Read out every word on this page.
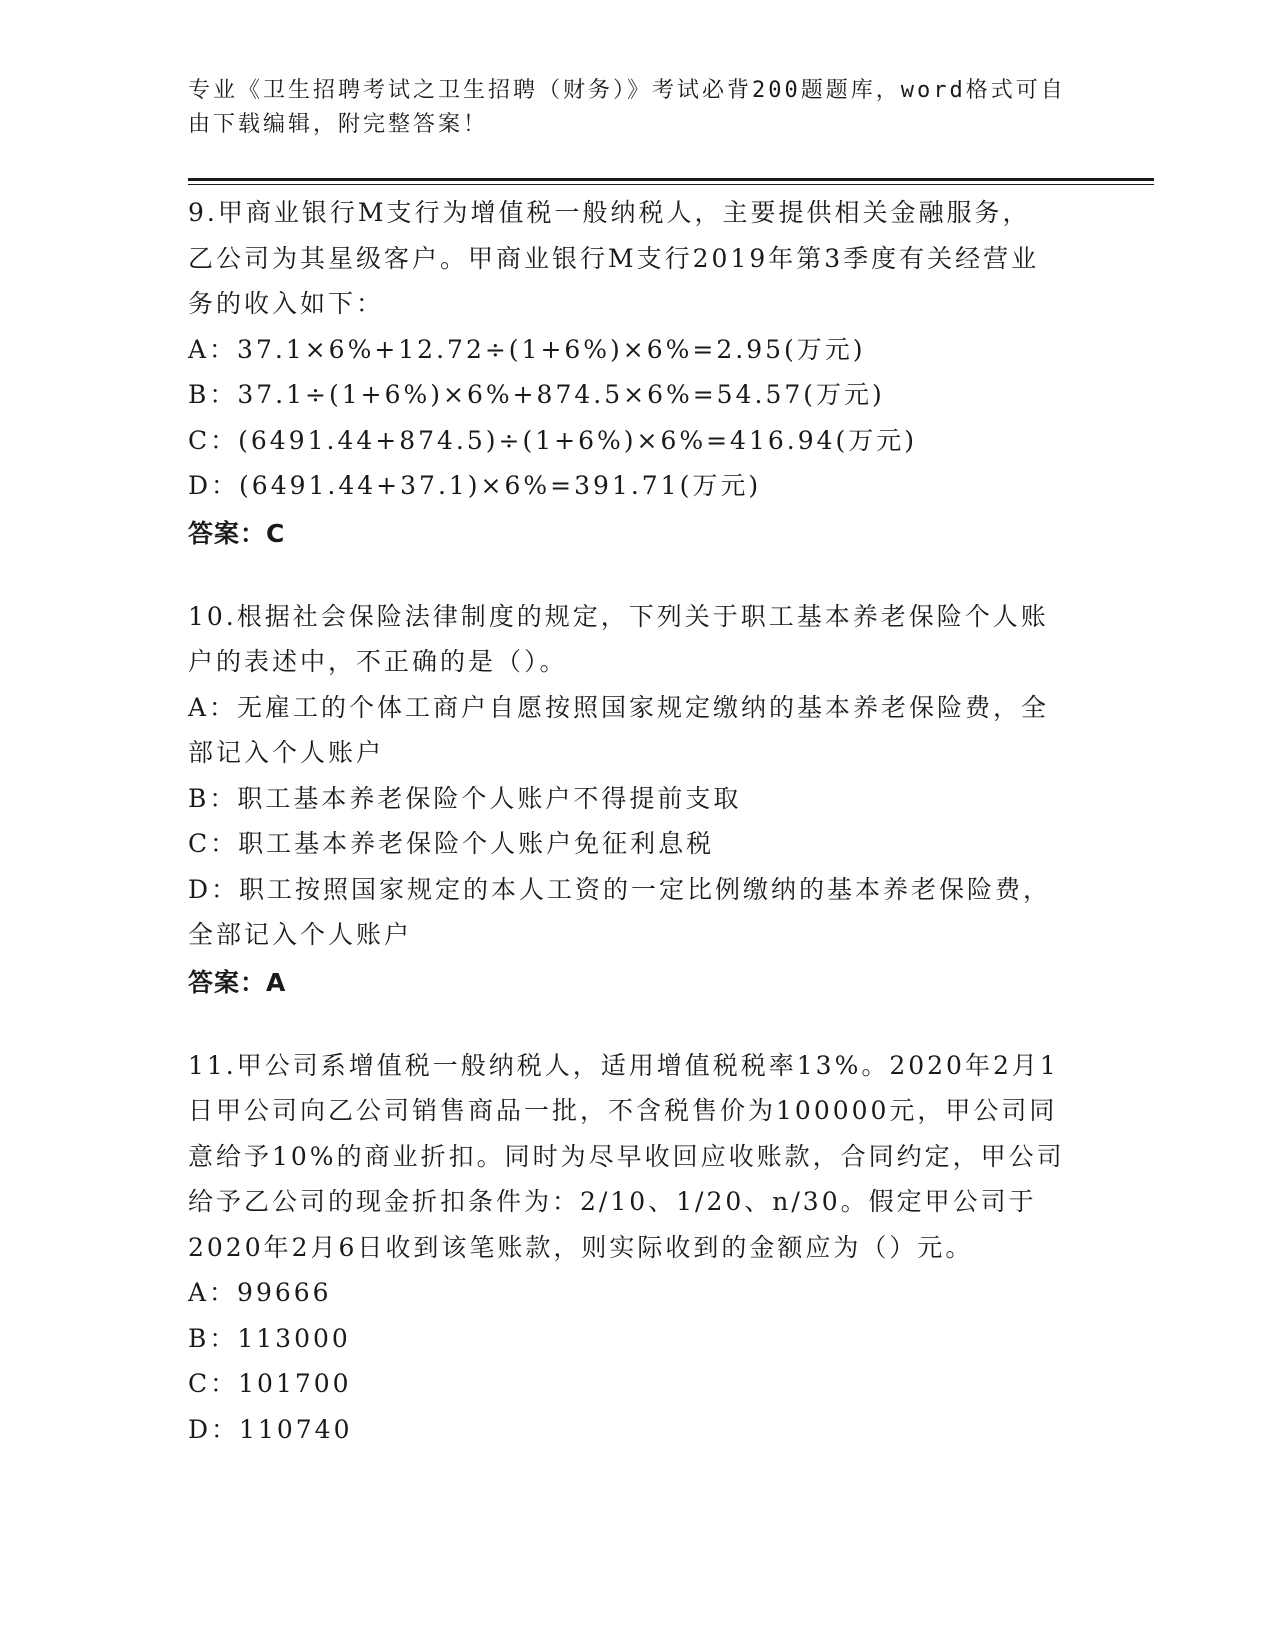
专业《卫生招聘考试之卫生招聘（财务）》考试必背200题题库，word格式可自
由下载编辑，附完整答案！
9.甲商业银行M支行为增值税一般纳税人，主要提供相关金融服务，
乙公司为其星级客户。甲商业银行M支行2019年第3季度有关经营业
务的收入如下：
A：37.1×6%+12.72÷(1+6%)×6%=2.95(万元)
B：37.1÷(1+6%)×6%+874.5×6%=54.57(万元)
C：(6491.44+874.5)÷(1+6%)×6%=416.94(万元)
D：(6491.44+37.1)×6%=391.71(万元)
答案：C
10.根据社会保险法律制度的规定，下列关于职工基本养老保险个人账
户的表述中，不正确的是（）。
A：无雇工的个体工商户自愿按照国家规定缴纳的基本养老保险费，全
部记入个人账户
B：职工基本养老保险个人账户不得提前支取
C：职工基本养老保险个人账户免征利息税
D：职工按照国家规定的本人工资的一定比例缴纳的基本养老保险费，
全部记入个人账户
答案：A
11.甲公司系增值税一般纳税人，适用增值税税率13%。2020年2月1
日甲公司向乙公司销售商品一批，不含税售价为100000元，甲公司同
意给予10%的商业折扣。同时为尽早收回应收账款，合同约定，甲公司
给予乙公司的现金折扣条件为：2/10、1/20、n/30。假定甲公司于
2020年2月6日收到该笔账款，则实际收到的金额应为（）元。
A：99666
B：113000
C：101700
D：110740
